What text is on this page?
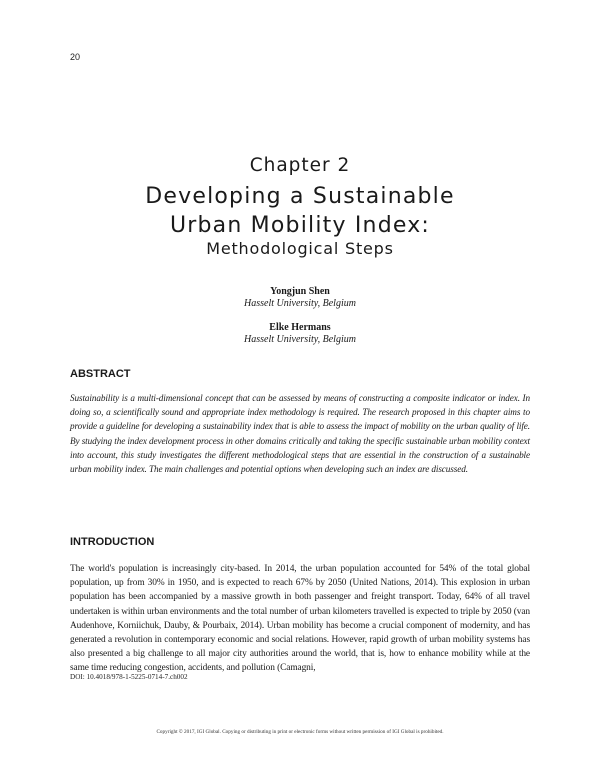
20
Chapter 2
Developing a Sustainable
Urban Mobility Index:
Methodological Steps
Yongjun Shen
Hasselt University, Belgium
Elke Hermans
Hasselt University, Belgium
ABSTRACT
Sustainability is a multi-dimensional concept that can be assessed by means of constructing a composite indicator or index. In doing so, a scientifically sound and appropriate index methodology is required. The research proposed in this chapter aims to provide a guideline for developing a sustainability index that is able to assess the impact of mobility on the urban quality of life. By studying the index development process in other domains critically and taking the specific sustainable urban mobility context into account, this study investigates the different methodological steps that are essential in the construction of a sustainable urban mobility index. The main challenges and potential options when developing such an index are discussed.
INTRODUCTION
The world's population is increasingly city-based. In 2014, the urban population accounted for 54% of the total global population, up from 30% in 1950, and is expected to reach 67% by 2050 (United Nations, 2014). This explosion in urban population has been accompanied by a massive growth in both passenger and freight transport. Today, 64% of all travel undertaken is within urban environments and the total number of urban kilometers travelled is expected to triple by 2050 (van Audenhove, Korniichuk, Dauby, & Pourbaix, 2014). Urban mobility has become a crucial component of modernity, and has generated a revolution in contemporary economic and social relations. However, rapid growth of urban mobility systems has also presented a big challenge to all major city authorities around the world, that is, how to enhance mobility while at the same time reducing congestion, accidents, and pollution (Camagni,
DOI: 10.4018/978-1-5225-0714-7.ch002
Copyright © 2017, IGI Global. Copying or distributing in print or electronic forms without written permission of IGI Global is prohibited.
